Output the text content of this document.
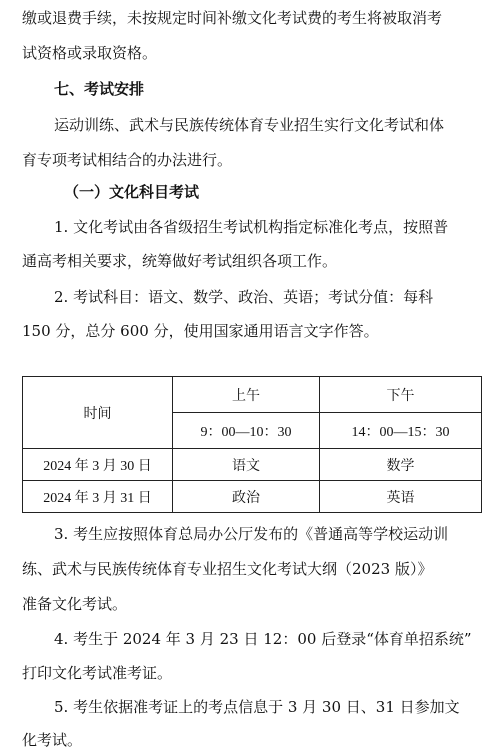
缴或退费手续，未按规定时间补缴文化考试费的考生将被取消考
试资格或录取资格。
七、考试安排
运动训练、武术与民族传统体育专业招生实行文化考试和体
育专项考试相结合的办法进行。
（一）文化科目考试
1. 文化考试由各省级招生考试机构指定标准化考点，按照普
通高考相关要求，统筹做好考试组织各项工作。
2. 考试科目：语文、数学、政治、英语；考试分值：每科
150 分，总分 600 分，使用国家通用语言文字作答。
时间	上午	下午
	9：00—10：30	14：00—15：30
2024 年 3 月 30 日	语文	数学
2024 年 3 月 31 日	政治	英语
3. 考生应按照体育总局办公厅发布的《普通高等学校运动训
练、武术与民族传统体育专业招生文化考试大纲（2023 版）》
准备文化考试。
4. 考生于 2024 年 3 月 23 日 12：00 后登录“体育单招系统”
打印文化考试准考证。
5. 考生依据准考证上的考点信息于 3 月 30 日、31 日参加文
化考试。
